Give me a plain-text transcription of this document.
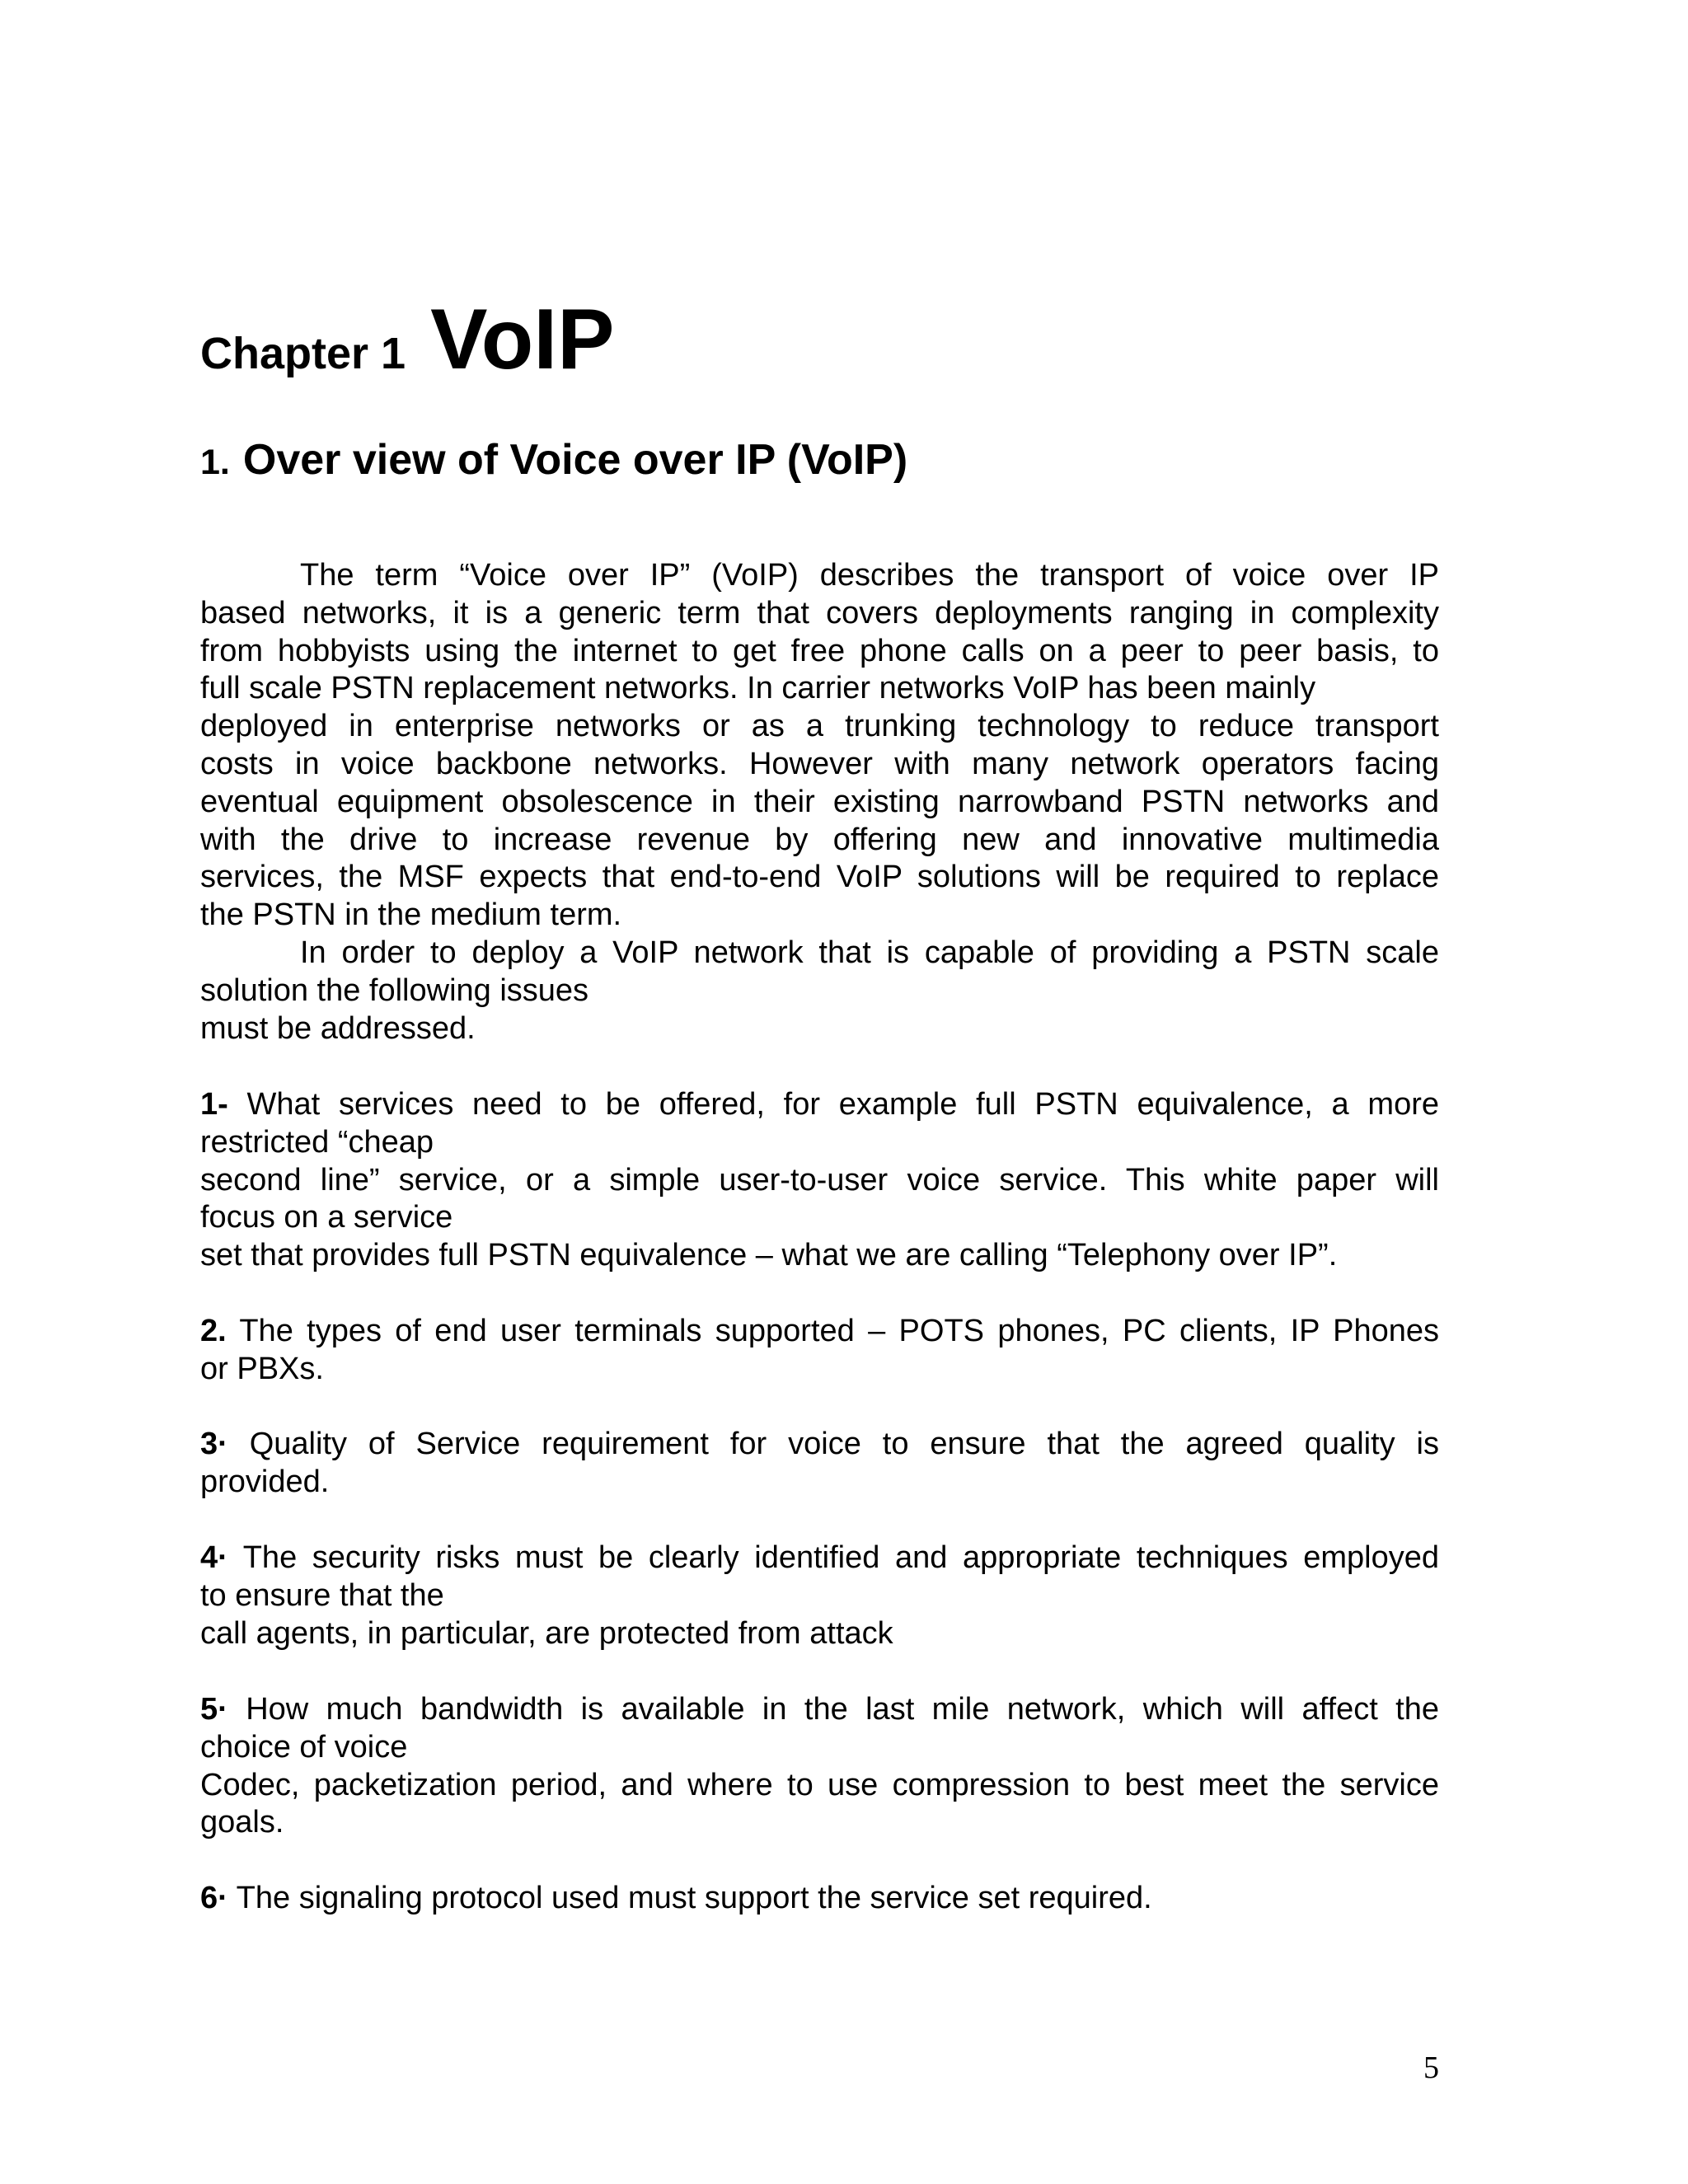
Chapter 1 VoIP
1. Over view of Voice over IP (VoIP)
The term “Voice over IP” (VoIP) describes the transport of voice over IP
based networks, it is a generic term that covers deployments ranging in complexity
from hobbyists using the internet to get free phone calls on a peer to peer basis, to
full scale PSTN replacement networks. In carrier networks VoIP has been mainly
deployed in enterprise networks or as a trunking technology to reduce transport
costs in voice backbone networks. However with many network operators facing
eventual equipment obsolescence in their existing narrowband PSTN networks and
with the drive to increase revenue by offering new and innovative multimedia
services, the MSF expects that end-to-end VoIP solutions will be required to replace
the PSTN in the medium term.
In order to deploy a VoIP network that is capable of providing a PSTN scale
solution the following issues
must be addressed.
1- What services need to be offered, for example full PSTN equivalence, a more
restricted “cheap
second line” service, or a simple user-to-user voice service. This white paper will
focus on a service
set that provides full PSTN equivalence – what we are calling “Telephony over IP”.
2. The types of end user terminals supported – POTS phones, PC clients, IP Phones
or PBXs.
3· Quality of Service requirement for voice to ensure that the agreed quality is
provided.
4· The security risks must be clearly identified and appropriate techniques employed
to ensure that the
call agents, in particular, are protected from attack
5· How much bandwidth is available in the last mile network, which will affect the
choice of voice
Codec, packetization period, and where to use compression to best meet the service
goals.
6· The signaling protocol used must support the service set required.
5
